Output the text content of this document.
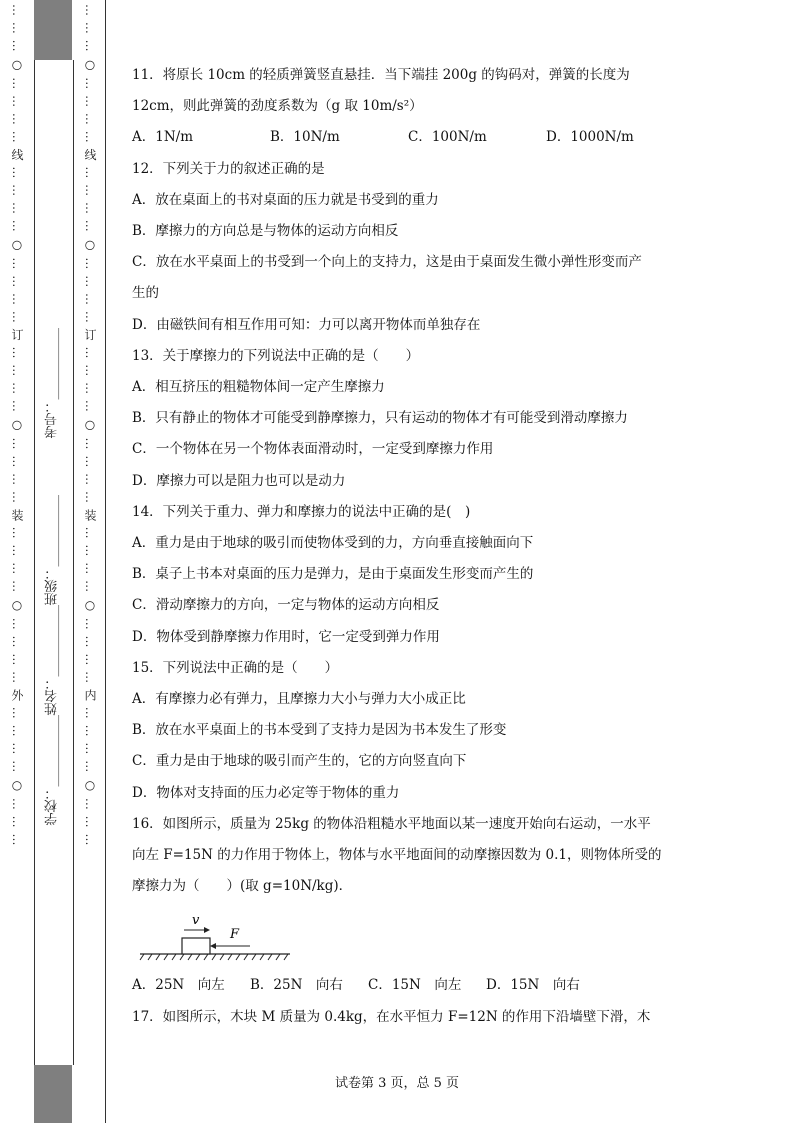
… … … ○ … … … … 线 … … … … ○ … … … … 订 … … … … ○ … … … … 装 … … … … ○ … … … … 外 … … … … ○ … … … 考号：___________
班级：___________
姓名：___________
学校：___________ … … … ○ … … … … 线 … … … … ○ … … … … 订 … … … … ○ … … … … 装 … … … … ○ … … … … 内 … … … … ○ … … …	11．将原长 10cm 的轻质弹簧竖直悬挂．当下端挂 200g 的钩码对，弹簧的长度为
12cm，则此弹簧的劲度系数为（g 取 10m/s²）
A．1N/m	B．10N/m	C．100N/m	D．1000N/m
12．下列关于力的叙述正确的是
A．放在桌面上的书对桌面的压力就是书受到的重力
B．摩擦力的方向总是与物体的运动方向相反
C．放在水平桌面上的书受到一个向上的支持力，这是由于桌面发生微小弹性形变而产
生的
D．由磁铁间有相互作用可知：力可以离开物体而单独存在
13．关于摩擦力的下列说法中正确的是（　　）
A．相互挤压的粗糙物体间一定产生摩擦力
B．只有静止的物体才可能受到静摩擦力，只有运动的物体才有可能受到滑动摩擦力
C．一个物体在另一个物体表面滑动时，一定受到摩擦力作用
D．摩擦力可以是阻力也可以是动力
14．下列关于重力、弹力和摩擦力的说法中正确的是(　)
A．重力是由于地球的吸引而使物体受到的力，方向垂直接触面向下
B．桌子上书本对桌面的压力是弹力，是由于桌面发生形变而产生的
C．滑动摩擦力的方向，一定与物体的运动方向相反
D．物体受到静摩擦力作用时，它一定受到弹力作用
15．下列说法中正确的是（　　）
A．有摩擦力必有弹力，且摩擦力大小与弹力大小成正比
B．放在水平桌面上的书本受到了支持力是因为书本发生了形变
C．重力是由于地球的吸引而产生的，它的方向竖直向下
D．物体对支持面的压力必定等于物体的重力
16．如图所示，质量为 25kg 的物体沿粗糙水平地面以某一速度开始向右运动，一水平
向左 F=15N 的力作用于物体上，物体与水平地面间的动摩擦因数为 0.1，则物体所受的
摩擦力为（　　）(取 g=10N/kg)．
v
F
A．25N　向左	B．25N　向右	C．15N　向左	D．15N　向右
17．如图所示，木块 M 质量为 0.4kg，在水平恒力 F=12N 的作用下沿墙壁下滑，木
试卷第 3 页，总 5 页
